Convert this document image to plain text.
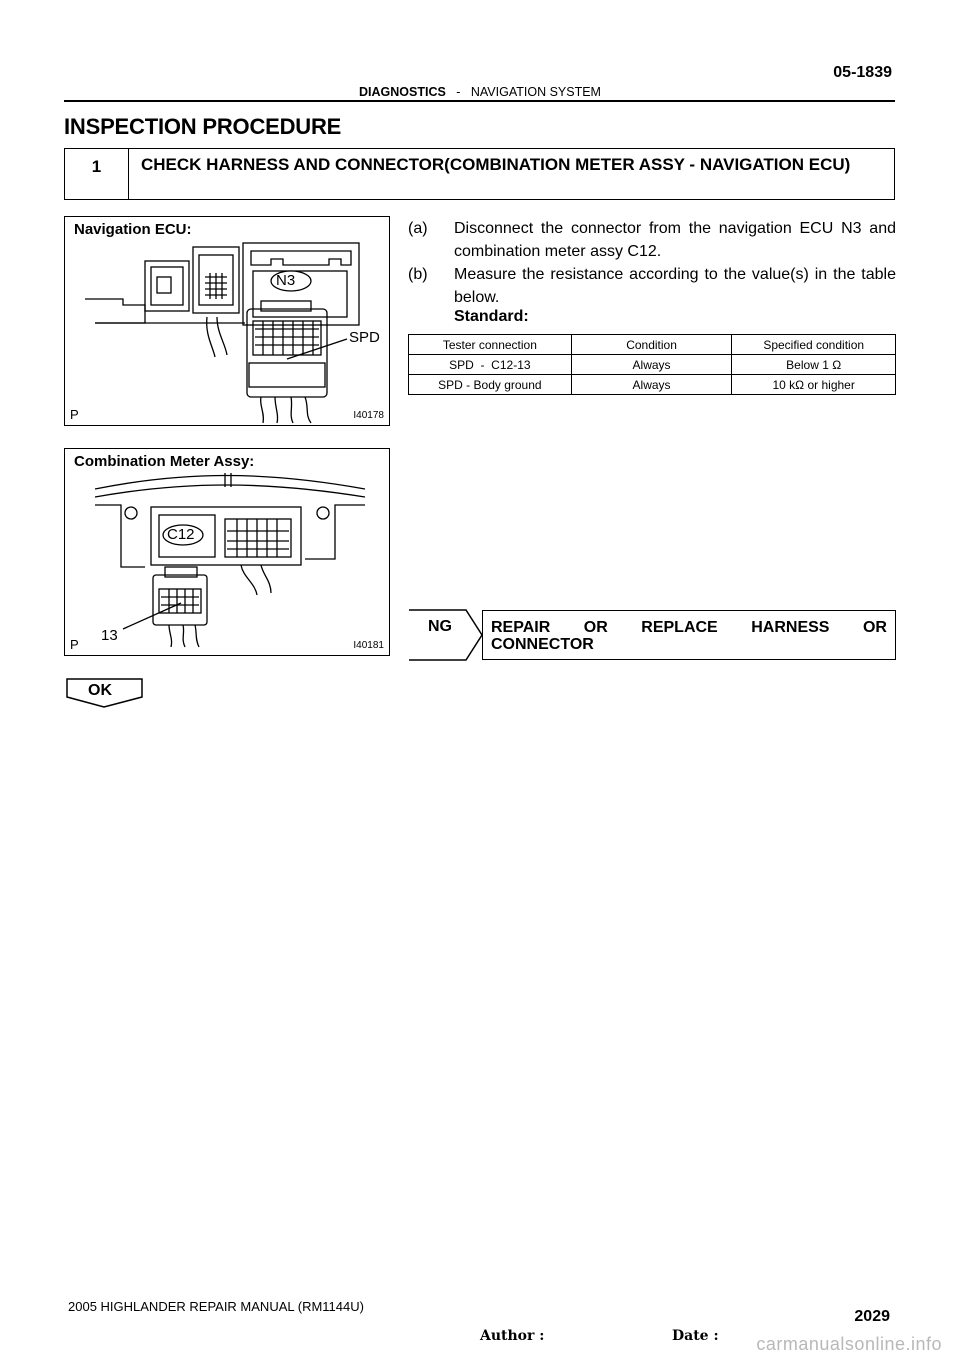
05-1839
DIAGNOSTICS - NAVIGATION SYSTEM
INSPECTION PROCEDURE
1	CHECK HARNESS AND CONNECTOR(COMBINATION METER ASSY - NAVIGATION ECU)
Navigation ECU:
N3
SPD
P	I40178
Combination Meter Assy:
C12
13
P	I40181
(a) Disconnect the connector from the navigation ECU N3 and combination meter assy C12.
(b) Measure the resistance according to the value(s) in the table below.
Standard:
Tester connection	Condition	Specified condition
SPD  -  C12-13	Always	Below 1 Ω
SPD - Body ground	Always	10 kΩ or higher
NG REPAIR OR REPLACE HARNESS OR
CONNECTOR
OK
2005 HIGHLANDER REPAIR MANUAL (RM1144U)
2029
Author :	Date : carmanualsonline.info
